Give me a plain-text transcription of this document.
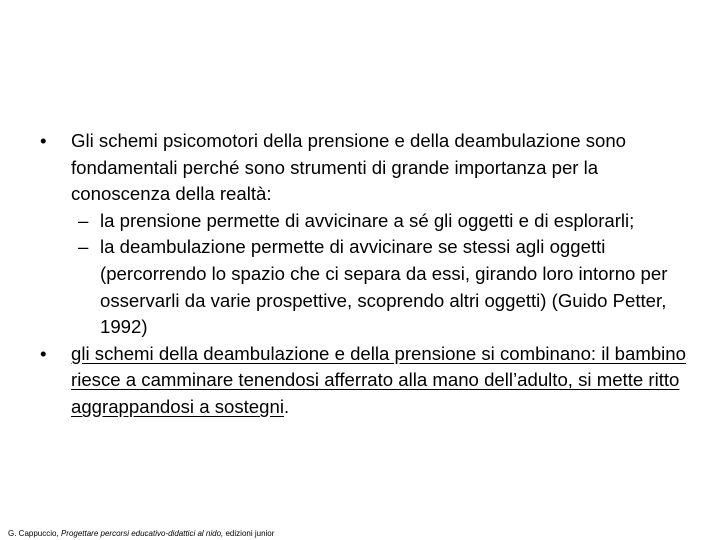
• Gli schemi psicomotori della prensione e della deambulazione sono fondamentali perché sono strumenti di grande importanza per la conoscenza della realtà:
– la prensione permette di avvicinare a sé gli oggetti e di esplorarli;
– la deambulazione permette di avvicinare se stessi agli oggetti (percorrendo lo spazio che ci separa da essi, girando loro intorno per osservarli da varie prospettive, scoprendo altri oggetti) (Guido Petter, 1992)
• gli schemi della deambulazione e della prensione si combinano: il bambino riesce a camminare tenendosi afferrato alla mano dell’adulto, si mette ritto aggrappandosi a sostegni.
G. Cappuccio, Progettare percorsi educativo-didattici al nido, edizioni junior
